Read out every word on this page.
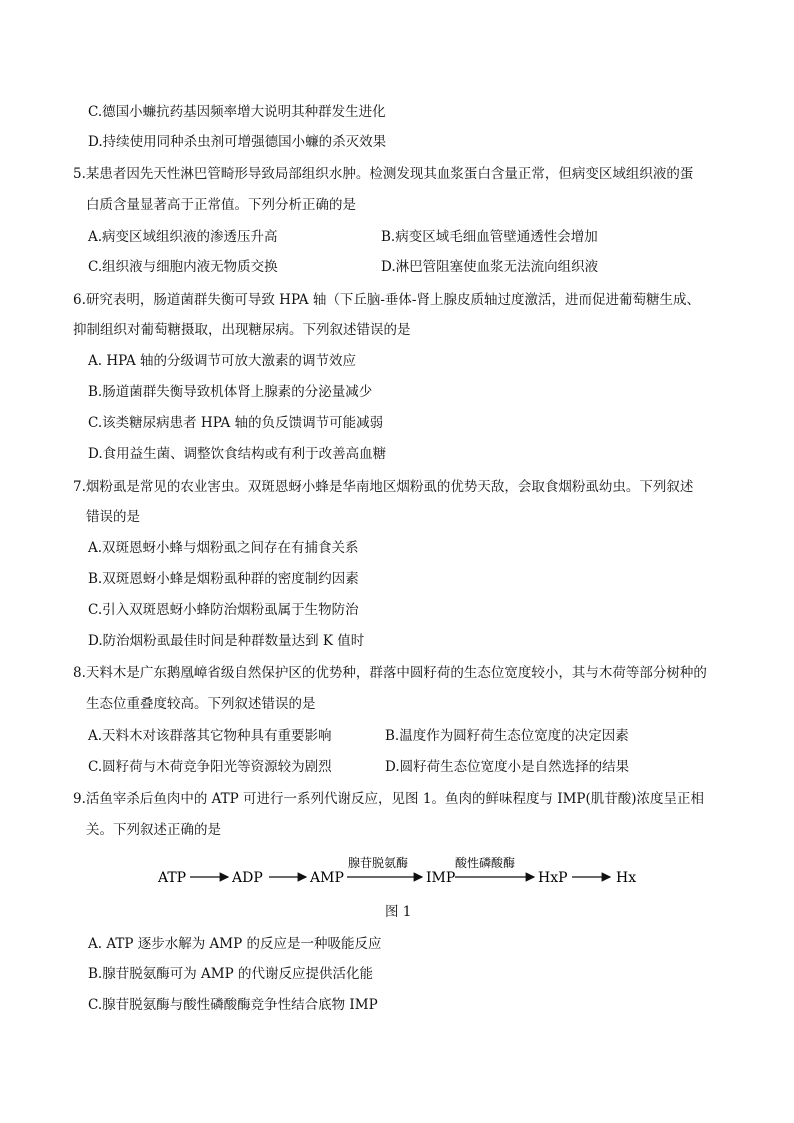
C.德国小蠊抗药基因频率增大说明其种群发生进化
D.持续使用同种杀虫剂可增强德国小蠊的杀灭效果
5.某患者因先天性淋巴管畸形导致局部组织水肿。检测发现其血浆蛋白含量正常，但病变区域组织液的蛋
白质含量显著高于正常值。下列分析正确的是
A.病变区域组织液的渗透压升高	B.病变区域毛细血管壁通透性会增加
C.组织液与细胞内液无物质交换	D.淋巴管阻塞使血浆无法流向组织液
6.研究表明，肠道菌群失衡可导致 HPA 轴（下丘脑-垂体-肾上腺皮质轴过度激活，进而促进葡萄糖生成、
抑制组织对葡萄糖摄取，出现糖尿病。下列叙述错误的是
A. HPA 轴的分级调节可放大激素的调节效应
B.肠道菌群失衡导致机体肾上腺素的分泌量减少
C.该类糖尿病患者 HPA 轴的负反馈调节可能减弱
D.食用益生菌、调整饮食结构或有利于改善高血糖
7.烟粉虱是常见的农业害虫。双斑恩蚜小蜂是华南地区烟粉虱的优势天敌，会取食烟粉虱幼虫。下列叙述
错误的是
A.双斑恩蚜小蜂与烟粉虱之间存在有捕食关系
B.双斑恩蚜小蜂是烟粉虱种群的密度制约因素
C.引入双斑恩蚜小蜂防治烟粉虱属于生物防治
D.防治烟粉虱最佳时间是种群数量达到 K 值时
8.天料木是广东鹅凰嶂省级自然保护区的优势种，群落中圆籽荷的生态位宽度较小，其与木荷等部分树种的
生态位重叠度较高。下列叙述错误的是
A.天料木对该群落其它物种具有重要影响	B.温度作为圆籽荷生态位宽度的决定因素
C.圆籽荷与木荷竞争阳光等资源较为剧烈	D.圆籽荷生态位宽度小是自然选择的结果
9.活鱼宰杀后鱼肉中的 ATP 可进行一系列代谢反应，见图 1。鱼肉的鲜味程度与 IMP(肌苷酸)浓度呈正相
关。下列叙述正确的是
ATP	ADP	AMP
腺苷脱氨酶
IMP
酸性磷酸酶
HxP	Hx
图 1
A. ATP 逐步水解为 AMP 的反应是一种吸能反应
B.腺苷脱氨酶可为 AMP 的代谢反应提供活化能
C.腺苷脱氨酶与酸性磷酸酶竞争性结合底物 IMP
